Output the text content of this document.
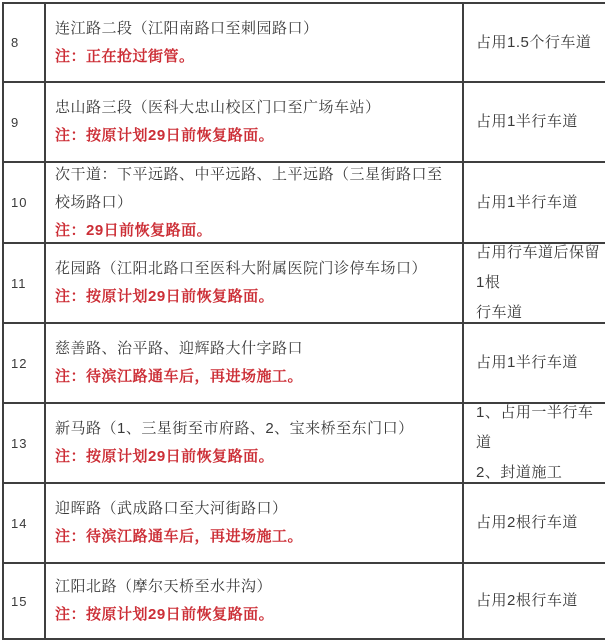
8
连江路二段（江阳南路口至刺园路口）
注：正在抢过街管。
占用1.5个行车道
9
忠山路三段（医科大忠山校区门口至广场车站）
注：按原计划29日前恢复路面。
占用1半行车道
10
次干道：下平远路、中平远路、上平远路（三星街路口至校场路口）
注：29日前恢复路面。
占用1半行车道
11
花园路（江阳北路口至医科大附属医院门诊停车场口）
注：按原计划29日前恢复路面。
占用行车道后保留1根
行车道
12
慈善路、治平路、迎辉路大什字路口
注：待滨江路通车后，再进场施工。
占用1半行车道
13
新马路（1、三星街至市府路、2、宝来桥至东门口）
注：按原计划29日前恢复路面。
1、占用一半行车道
2、封道施工
14
迎晖路（武成路口至大河街路口）
注：待滨江路通车后，再进场施工。
占用2根行车道
15
江阳北路（摩尔天桥至水井沟）
注：按原计划29日前恢复路面。
占用2根行车道
